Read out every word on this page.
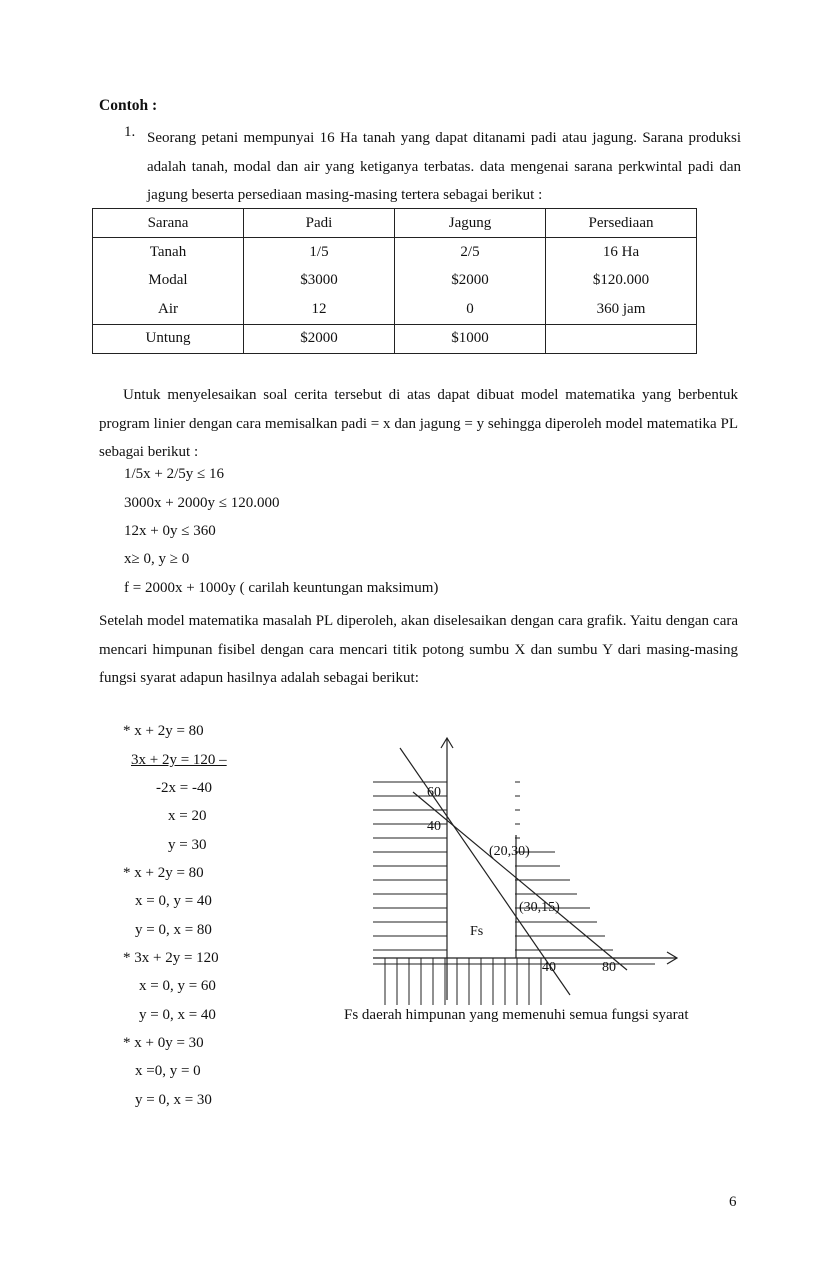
Contoh :
1. Seorang petani mempunyai 16 Ha tanah yang dapat ditanami padi atau jagung. Sarana produksi adalah tanah, modal dan air yang ketiganya terbatas. data mengenai sarana perkwintal padi dan jagung beserta persediaan masing-masing tertera sebagai berikut :
Sarana	Padi	Jagung	Persediaan
Tanah	1/5	2/5	16 Ha
Modal	$3000	$2000	$120.000
Air	12	0	360 jam
Untung	$2000	$1000	
Untuk menyelesaikan soal cerita tersebut di atas dapat dibuat model matematika yang berbentuk program linier dengan cara memisalkan padi = x dan jagung = y sehingga diperoleh model matematika PL sebagai berikut :
1/5x + 2/5y ≤ 16
3000x + 2000y ≤ 120.000
12x + 0y ≤ 360
x≥ 0, y ≥ 0
f = 2000x + 1000y ( carilah keuntungan maksimum)
Setelah model matematika masalah PL diperoleh, akan diselesaikan dengan cara grafik. Yaitu dengan cara mencari himpunan fisibel dengan cara mencari titik potong sumbu X dan sumbu Y dari masing-masing fungsi syarat adapun hasilnya adalah sebagai berikut:
* x + 2y = 80
3x + 2y = 120 –
-2x = -40
x = 20
y = 30
* x + 2y = 80
x = 0, y = 40
y = 0, x = 80
* 3x + 2y = 120
x = 0, y = 60
y = 0, x = 40
* x + 0y = 30
x =0, y = 0
y = 0, x = 30
60
40
(20,30)
(30,15)
Fs
40	80
Fs daerah himpunan yang memenuhi semua fungsi syarat
6
